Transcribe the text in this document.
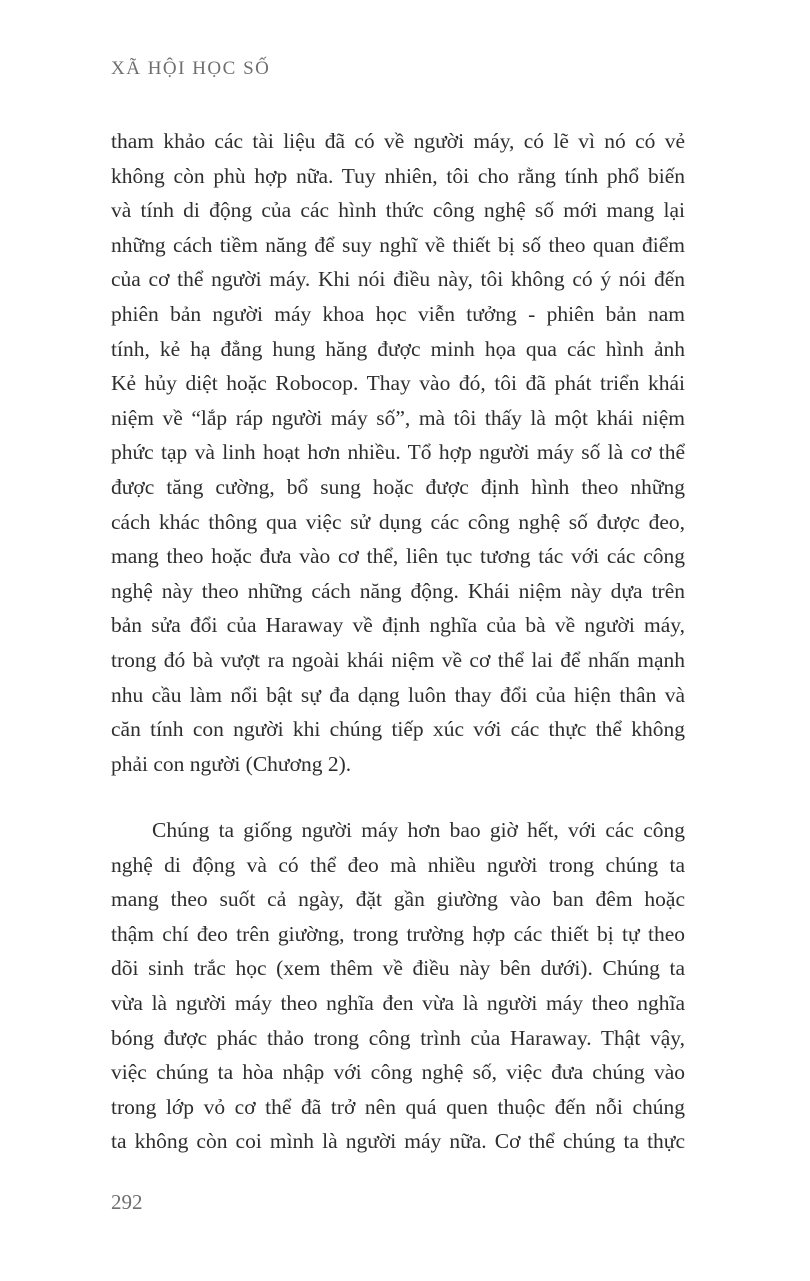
XÃ HỘI HỌC SỐ
tham khảo các tài liệu đã có về người máy, có lẽ vì nó có vẻ
không còn phù hợp nữa. Tuy nhiên, tôi cho rằng tính phổ biến
và tính di động của các hình thức công nghệ số mới mang lại
những cách tiềm năng để suy nghĩ về thiết bị số theo quan điểm
của cơ thể người máy. Khi nói điều này, tôi không có ý nói đến
phiên bản người máy khoa học viễn tưởng - phiên bản nam
tính, kẻ hạ đẳng hung hăng được minh họa qua các hình ảnh
Kẻ hủy diệt hoặc Robocop. Thay vào đó, tôi đã phát triển khái
niệm về “lắp ráp người máy số”, mà tôi thấy là một khái niệm
phức tạp và linh hoạt hơn nhiều. Tổ hợp người máy số là cơ thể
được tăng cường, bổ sung hoặc được định hình theo những
cách khác thông qua việc sử dụng các công nghệ số được đeo,
mang theo hoặc đưa vào cơ thể, liên tục tương tác với các công
nghệ này theo những cách năng động. Khái niệm này dựa trên
bản sửa đổi của Haraway về định nghĩa của bà về người máy,
trong đó bà vượt ra ngoài khái niệm về cơ thể lai để nhấn mạnh
nhu cầu làm nổi bật sự đa dạng luôn thay đổi của hiện thân và
căn tính con người khi chúng tiếp xúc với các thực thể không
phải con người (Chương 2).
Chúng ta giống người máy hơn bao giờ hết, với các công
nghệ di động và có thể đeo mà nhiều người trong chúng ta
mang theo suốt cả ngày, đặt gần giường vào ban đêm hoặc
thậm chí đeo trên giường, trong trường hợp các thiết bị tự theo
dõi sinh trắc học (xem thêm về điều này bên dưới). Chúng ta
vừa là người máy theo nghĩa đen vừa là người máy theo nghĩa
bóng được phác thảo trong công trình của Haraway. Thật vậy,
việc chúng ta hòa nhập với công nghệ số, việc đưa chúng vào
trong lớp vỏ cơ thể đã trở nên quá quen thuộc đến nỗi chúng
ta không còn coi mình là người máy nữa. Cơ thể chúng ta thực
292
